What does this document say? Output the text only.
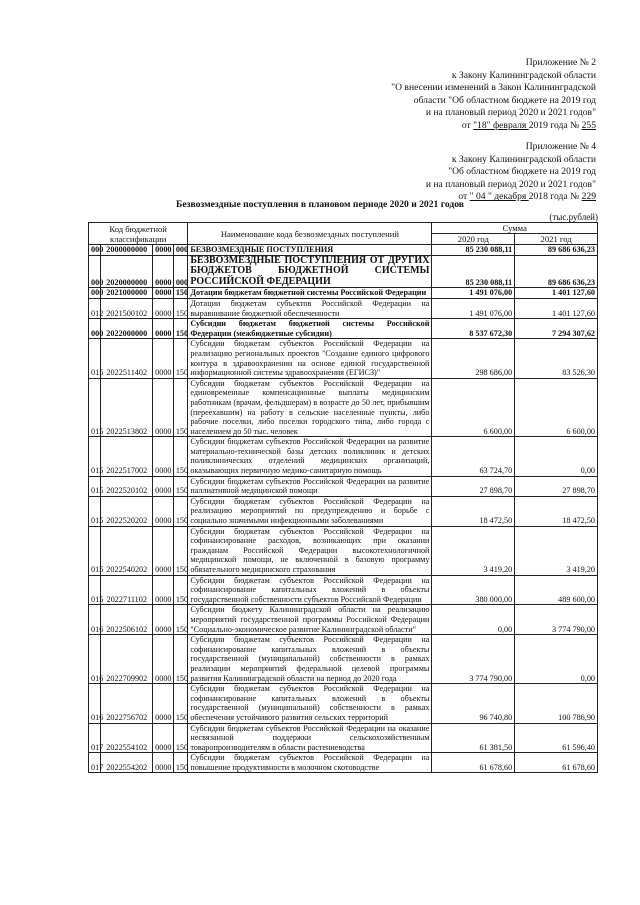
Приложение № 2
к Закону Калининградской области
"О внесении изменений в Закон Калининградской
области "Об областном бюджете на 2019 год
и на плановый период 2020 и 2021 годов"
от "18" февраля 2019 года № 255
Приложение № 4
к Закону Калининградской области
"Об областном бюджете на 2019 год
и на плановый период 2020 и 2021 годов"
от " 04 " декабря 2018 года № 229
Безвозмездные поступления в плановом периоде 2020 и 2021 годов
(тыс.рублей)
Код бюджетной классификации				Наименование кода безвозмездных поступлений	Сумма	
					2020 год	2021 год
000	2000000000	0000	000	БЕЗВОЗМЕЗДНЫЕ ПОСТУПЛЕНИЯ	85 230 088,11	89 686 636,23
000	2020000000	0000	000	БЕЗВОЗМЕЗДНЫЕ ПОСТУПЛЕНИЯ ОТ ДРУГИХ БЮДЖЕТОВ БЮДЖЕТНОЙ СИСТЕМЫ РОССИЙСКОЙ ФЕДЕРАЦИИ	85 230 088,11	89 686 636,23
000	2021000000	0000	150	Дотации бюджетам бюджетной системы Российской Федерации	1 491 076,00	1 401 127,60
012	2021500102	0000	150	Дотации бюджетам субъектов Российской Федерации на выравнивание бюджетной обеспеченности	1 491 076,00	1 401 127,60
000	2022000000	0000	150	Субсидии бюджетам бюджетной системы Российской Федерации (межбюджетные субсидии)	8 537 672,30	7 294 307,62
015	2022511402	0000	150	Субсидии бюджетам субъектов Российской Федерации на реализацию региональных проектов "Создание единого цифрового контура в здравоохранении на основе единой государственной информационной системы здравоохранения (ЕГИСЗ)"	298 686,00	83 526,30
015	2022513802	0000	150	Субсидии бюджетам субъектов Российской Федерации на единовременные компенсационные выплаты медицинским работникам (врачам, фельдшерам) в возрасте до 50 лет, прибывшим (переехавшим) на работу в сельские населенные пункты, либо рабочие поселки, либо поселки городского типа, либо города с населением до 50 тыс. человек	6 600,00	6 600,00
015	2022517002	0000	150	Субсидии бюджетам субъектов Российской Федерации на развитие материально-технической базы детских поликлиник и детских поликлинических отделений медицинских организаций, оказывающих первичную медико-санитарную помощь	63 724,70	0,00
015	2022520102	0000	150	Субсидии бюджетам субъектов Российской Федерации на развитие паллиативной медицинской помощи	27 898,70	27 898,70
015	2022520202	0000	150	Субсидии бюджетам субъектов Российской Федерации на реализацию мероприятий по предупреждению и борьбе с социально значимыми инфекционными заболеваниями	18 472,50	18 472,50
015	2022540202	0000	150	Субсидии бюджетам субъектов Российской Федерации на софинансирование расходов, возникающих при оказании гражданам Российской Федерации высокотехнологичной медицинской помощи, не включенной в базовую программу обязательного медицинского страхования	3 419,20	3 419,20
015	2022711102	0000	150	Субсидии бюджетам субъектов Российской Федерации на софинансирование капитальных вложений в объекты государственной собственности субъектов Российской Федерации	380 000,00	489 600,00
016	2022506102	0000	150	Субсидии бюджету Калининградской области на реализацию мероприятий государственной программы Российской Федерации "Социально-экономическое развитие Калининградской области"	0,00	3 774 790,00
016	2022709902	0000	150	Субсидии бюджетам субъектов Российской Федерации на софинансирование капитальных вложений в объекты государственной (муниципальной) собственности в рамках реализации мероприятий федеральной целевой программы развития Калининградской области на период до 2020 года	3 774 790,00	0,00
016	2022756702	0000	150	Субсидии бюджетам субъектов Российской Федерации на софинансирование капитальных вложений в объекты государственной (муниципальной) собственности в рамках обеспечения устойчивого развития сельских территорий	96 740,80	100 786,90
017	2022554102	0000	150	Субсидии бюджетам субъектов Российской Федерации на оказание несвязанной поддержки сельскохозяйственным товаропроизводителям в области растениеводства	61 381,50	61 596,40
017	2022554202	0000	150	Субсидии бюджетам субъектов Российской Федерации на повышение продуктивности в молочном скотоводстве	61 678,60	61 678,60
